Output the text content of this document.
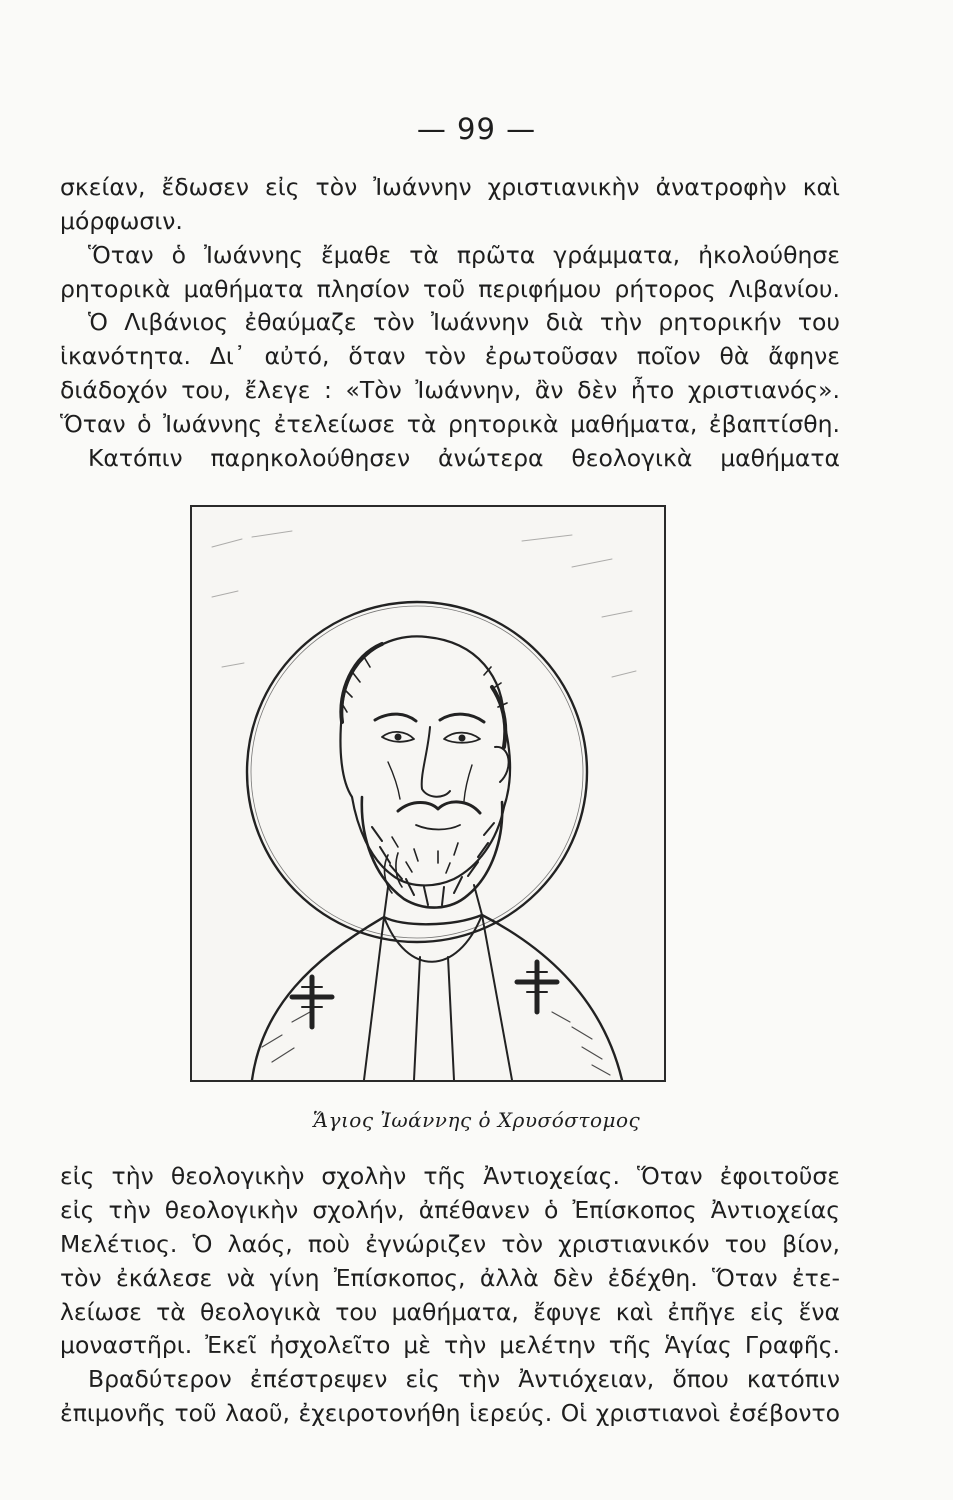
— 99 —
σκείαν, ἔδωσεν εἰς τὸν Ἰωάννην χριστιανικὴν ἀνατροφὴν καὶ
μόρφωσιν.
Ὅταν ὁ Ἰωάννης ἔμαθε τὰ πρῶτα γράμματα, ἠκολούθησε
ρητορικὰ μαθήματα πλησίον τοῦ περιφήμου ρήτορος Λιβανίου.
Ὁ Λιβάνιος ἐθαύμαζε τὸν Ἰωάννην διὰ τὴν ρητορικήν του
ἱκανότητα. Δι᾽ αὐτό, ὅταν τὸν ἐρωτοῦσαν ποῖον θὰ ἄφηνε
διάδοχόν του, ἔλεγε : «Τὸν Ἰωάννην, ἂν δὲν ἦτο χριστιανός».
Ὅταν ὁ Ἰωάννης ἐτελείωσε τὰ ρητορικὰ μαθήματα, ἐβαπτίσθη.
Κατόπιν παρηκολούθησεν ἀνώτερα θεολογικὰ μαθήματα
Ἅγιος Ἰωάννης ὁ Χρυσόστομος
εἰς τὴν θεολογικὴν σχολὴν τῆς Ἀντιοχείας. Ὅταν ἐφοιτοῦσε
εἰς τὴν θεολογικὴν σχολήν, ἀπέθανεν ὁ Ἐπίσκοπος Ἀντιοχείας
Μελέτιος. Ὁ λαός, ποὺ ἐγνώριζεν τὸν χριστιανικόν του βίον,
τὸν ἐκάλεσε νὰ γίνη Ἐπίσκοπος, ἀλλὰ δὲν ἐδέχθη. Ὅταν ἐτε-
λείωσε τὰ θεολογικὰ του μαθήματα, ἔφυγε καὶ ἐπῆγε εἰς ἕνα
μοναστῆρι. Ἐκεῖ ἠσχολεῖτο μὲ τὴν μελέτην τῆς Ἁγίας Γραφῆς.
Βραδύτερον ἐπέστρεψεν εἰς τὴν Ἀντιόχειαν, ὅπου κατόπιν
ἐπιμονῆς τοῦ λαοῦ, ἐχειροτονήθη ἱερεύς. Οἱ χριστιανοὶ ἐσέβοντο
